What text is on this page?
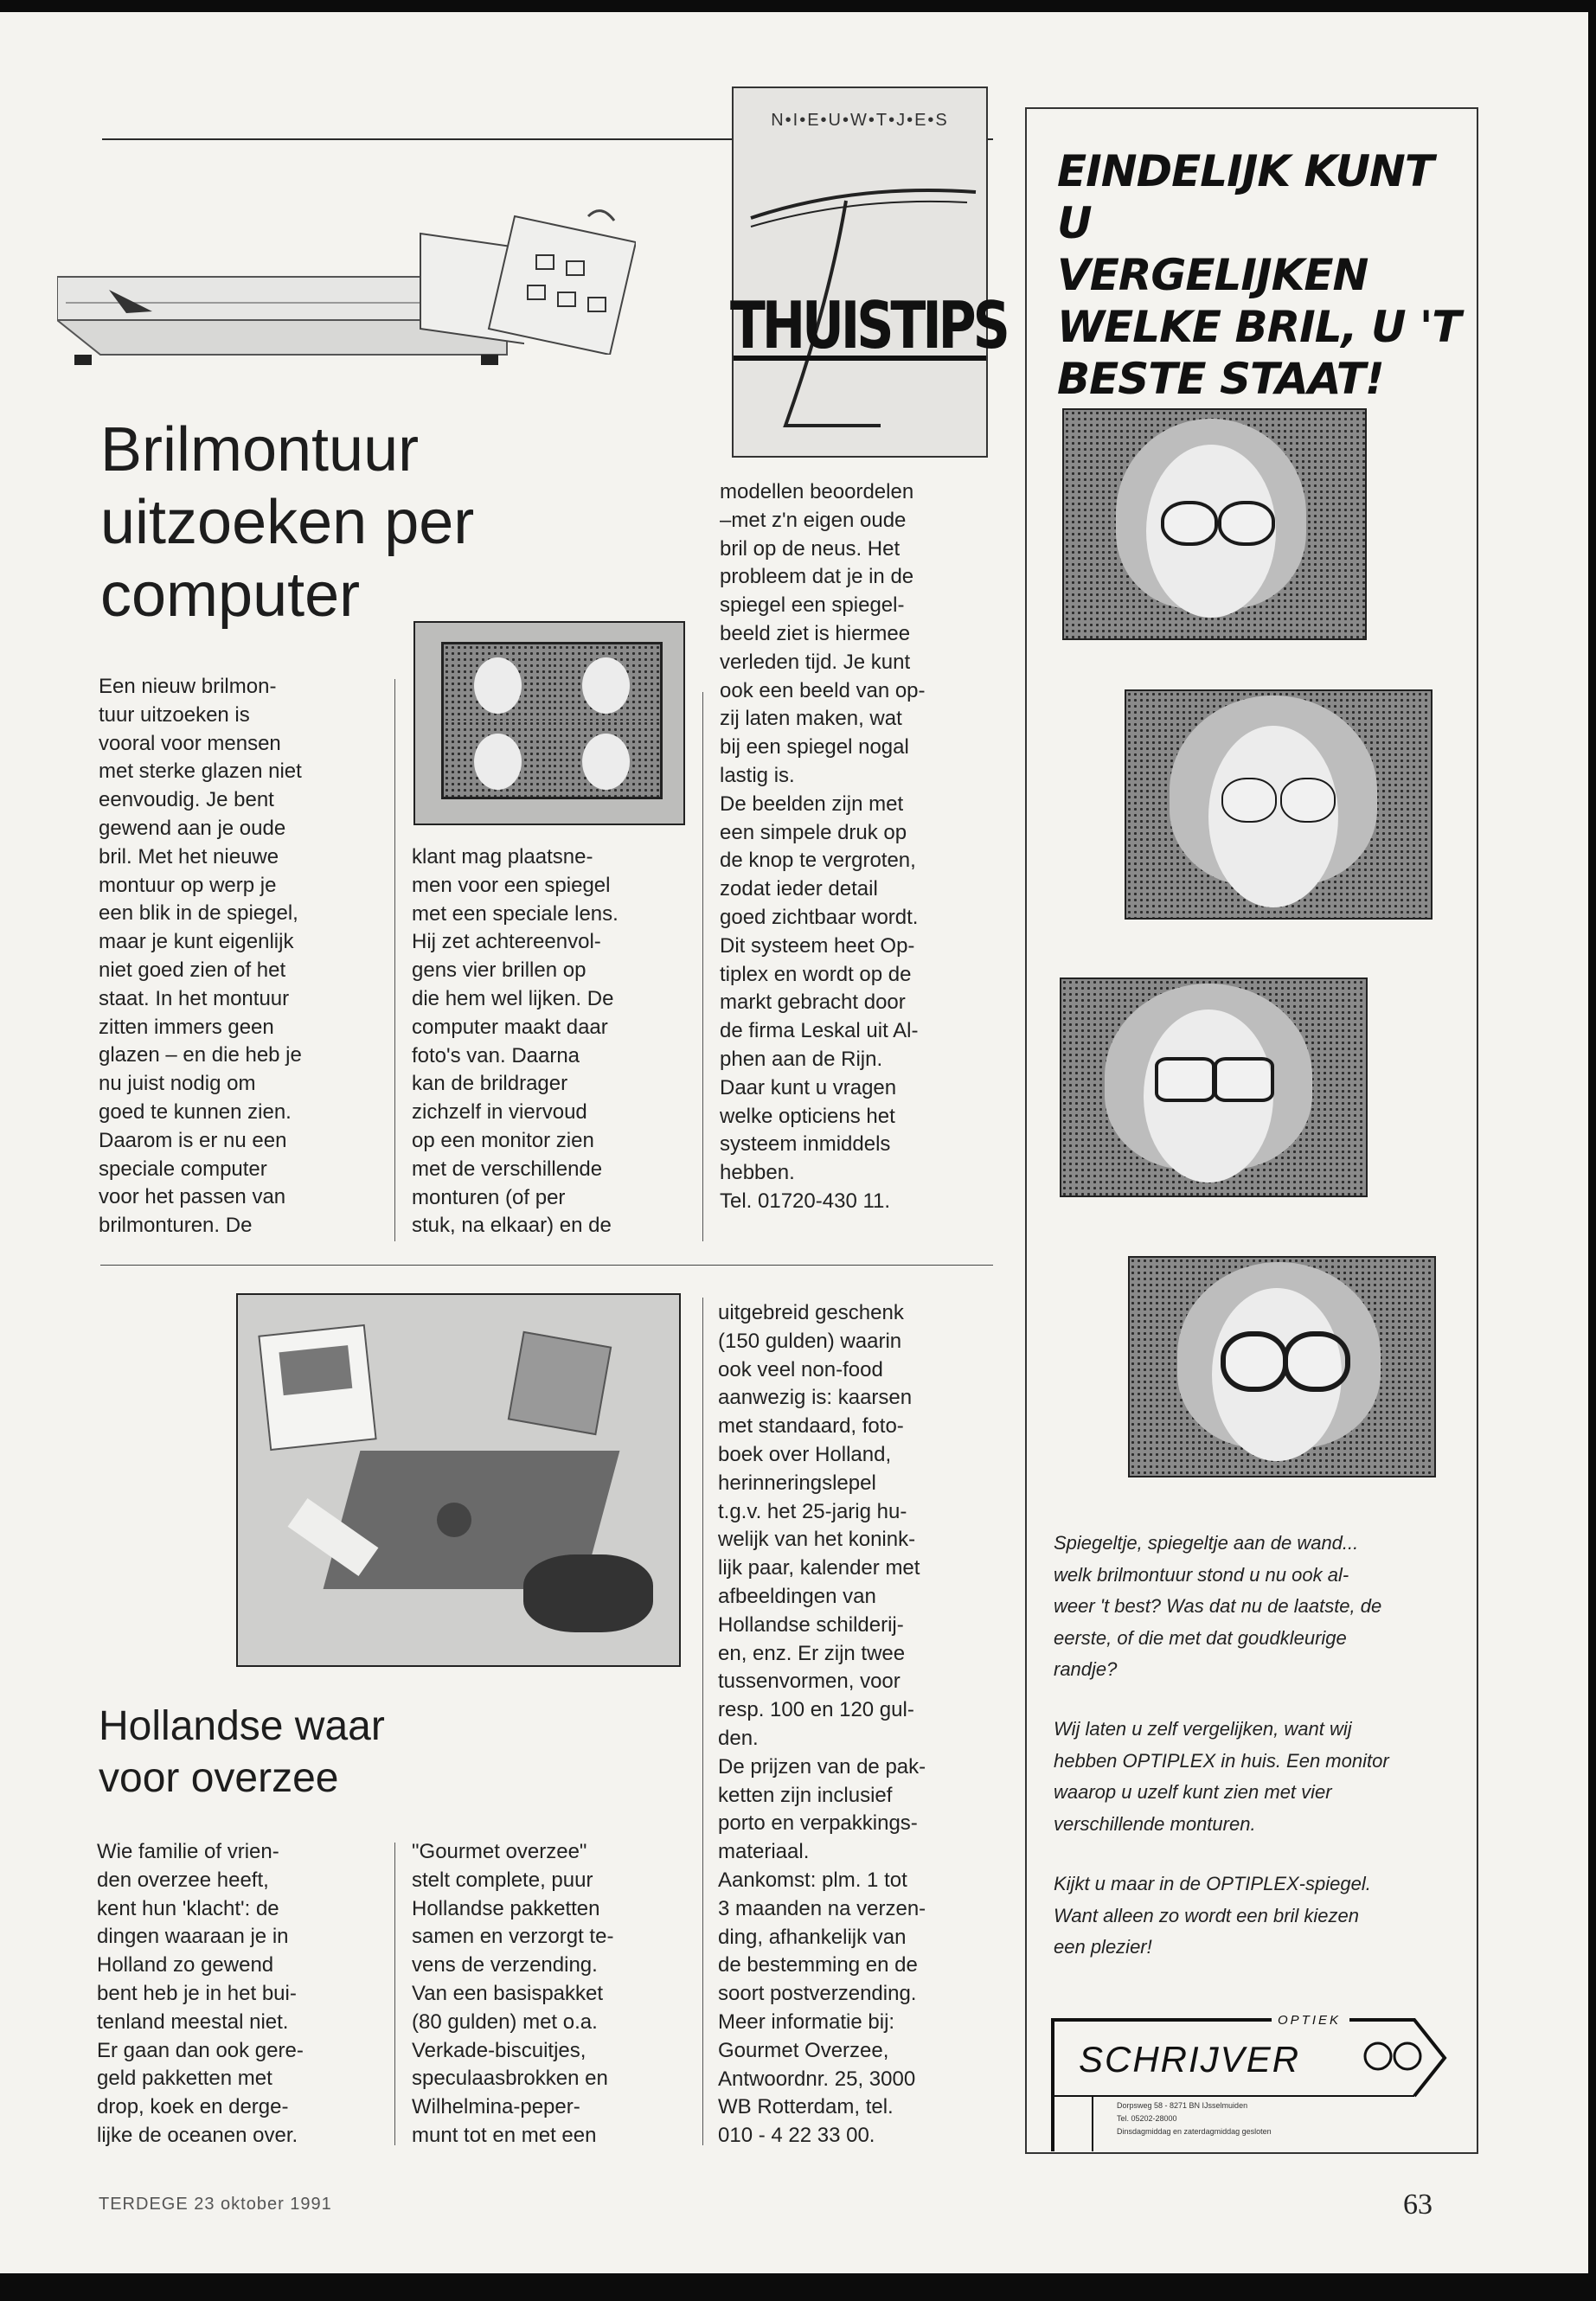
Brilmontuur
uitzoeken per
computer

Een nieuw brilmon-
tuur uitzoeken is
vooral voor mensen
met sterke glazen niet
eenvoudig. Je bent
gewend aan je oude
bril. Met het nieuwe
montuur op werp je
een blik in de spiegel,
maar je kunt eigenlijk
niet goed zien of het
staat. In het montuur
zitten immers geen
glazen – en die heb je
nu juist nodig om
goed te kunnen zien.
Daarom is er nu een
speciale computer
voor het passen van
brilmonturen. De

klant mag plaatsne-
men voor een spiegel
met een speciale lens.
Hij zet achtereenvol-
gens vier brillen op
die hem wel lijken. De
computer maakt daar
foto's van. Daarna
kan de brildrager
zichzelf in viervoud
op een monitor zien
met de verschillende
monturen (of per
stuk, na elkaar) en de

modellen beoordelen
–met z'n eigen oude
bril op de neus. Het
probleem dat je in de
spiegel een spiegel-
beeld ziet is hiermee
verleden tijd. Je kunt
ook een beeld van op-
zij laten maken, wat
bij een spiegel nogal
lastig is.
De beelden zijn met
een simpele druk op
de knop te vergroten,
zodat ieder detail
goed zichtbaar wordt.
Dit systeem heet Op-
tiplex en wordt op de
markt gebracht door
de firma Leskal uit Al-
phen aan de Rijn.
Daar kunt u vragen
welke opticiens het
systeem inmiddels
hebben.
Tel. 01720-430 11.

N•I•E•U•W•T•J•E•S
THUISTIPS
Hollandse waar
voor overzee

Wie familie of vrien-
den overzee heeft,
kent hun 'klacht': de
dingen waaraan je in
Holland zo gewend
bent heb je in het bui-
tenland meestal niet.
Er gaan dan ook gere-
geld pakketten met
drop, koek en derge-
lijke de oceanen over.

"Gourmet overzee"
stelt complete, puur
Hollandse pakketten
samen en verzorgt te-
vens de verzending.
Van een basispakket
(80 gulden) met o.a.
Verkade-biscuitjes,
speculaasbrokken en
Wilhelmina-peper-
munt tot en met een

uitgebreid geschenk
(150 gulden) waarin
ook veel non-food
aanwezig is: kaarsen
met standaard, foto-
boek over Holland,
herinneringslepel
t.g.v. het 25-jarig hu-
welijk van het konink-
lijk paar, kalender met
afbeeldingen van
Hollandse schilderij-
en, enz. Er zijn twee
tussenvormen, voor
resp. 100 en 120 gul-
den.
De prijzen van de pak-
ketten zijn inclusief
porto en verpakkings-
materiaal.
Aankomst: plm. 1 tot
3 maanden na verzen-
ding, afhankelijk van
de bestemming en de
soort postverzending.
Meer informatie bij:
Gourmet Overzee,
Antwoordnr. 25, 3000
WB Rotterdam, tel.
010 - 4 22 33 00.

EINDELIJK KUNT U
VERGELIJKEN
WELKE BRIL, U 'T
BESTE STAAT!

Spiegeltje, spiegeltje aan de wand...
welk brilmontuur stond u nu ook al-
weer 't best? Was dat nu de laatste, de
eerste, of die met dat goudkleurige
randje?

Wij laten u zelf vergelijken, want wij
hebben OPTIPLEX in huis. Een monitor
waarop u uzelf kunt zien met vier
verschillende monturen.

Kijkt u maar in de OPTIPLEX-spiegel.
Want alleen zo wordt een bril kiezen
een plezier!

OPTIEK
SCHRIJVER
Dorpsweg 58 - 8271 BN IJsselmuiden
Tel. 05202-28000
Dinsdagmiddag en zaterdagmiddag gesloten
TERDEGE 23 oktober 1991	63
